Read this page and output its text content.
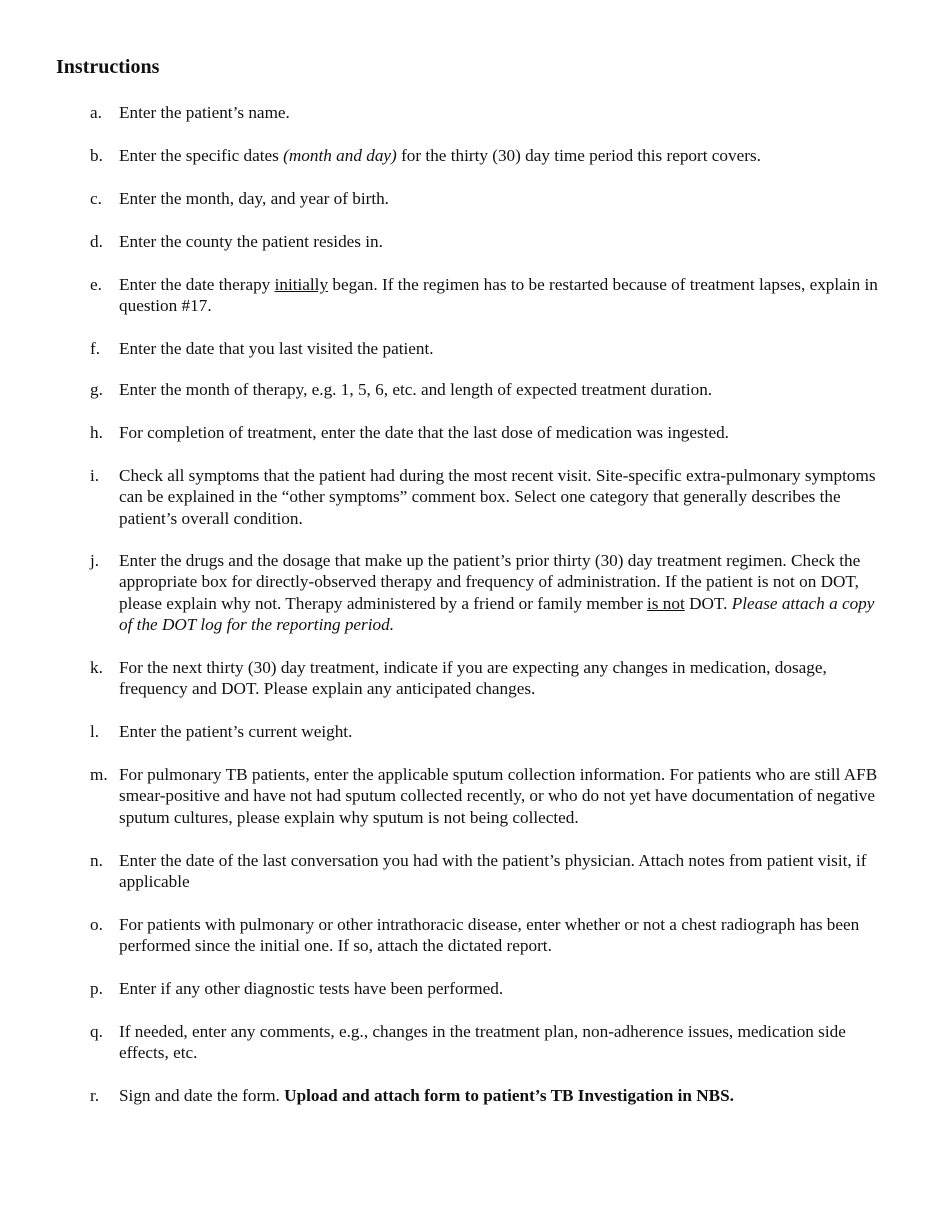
Instructions
a. Enter the patient’s name.
b. Enter the specific dates (month and day) for the thirty (30) day time period this report covers.
c. Enter the month, day, and year of birth.
d. Enter the county the patient resides in.
e. Enter the date therapy initially began. If the regimen has to be restarted because of treatment lapses, explain in question #17.
f.	Enter the date that you last visited the patient.
g. Enter the month of therapy, e.g. 1, 5, 6, etc. and length of expected treatment duration.
h. For completion of treatment, enter the date that the last dose of medication was ingested.
i.	Check all symptoms that the patient had during the most recent visit. Site-specific extra-pulmonary symptoms can be explained in the “other symptoms” comment box. Select one category that generally describes the patient’s overall condition.
j.	Enter the drugs and the dosage that make up the patient’s prior thirty (30) day treatment regimen. Check the appropriate box for directly-observed therapy and frequency of administration. If the patient is not on DOT, please explain why not. Therapy administered by a friend or family member is not DOT. Please attach a copy of the DOT log for the reporting period.
k. For the next thirty (30) day treatment, indicate if you are expecting any changes in medication, dosage, frequency and DOT. Please explain any anticipated changes.
l.	Enter the patient’s current weight.
m. For pulmonary TB patients, enter the applicable sputum collection information. For patients who are still AFB smear-positive and have not had sputum collected recently, or who do not yet have documentation of negative sputum cultures, please explain why sputum is not being collected.
n. Enter the date of the last conversation you had with the patient’s physician. Attach notes from patient visit, if applicable
o. For patients with pulmonary or other intrathoracic disease, enter whether or not a chest radiograph has been performed since the initial one. If so, attach the dictated report.
p. Enter if any other diagnostic tests have been performed.
q. If needed, enter any comments, e.g., changes in the treatment plan, non-adherence issues, medication side effects, etc.
r.	Sign and date the form. Upload and attach form to patient’s TB Investigation in NBS.
